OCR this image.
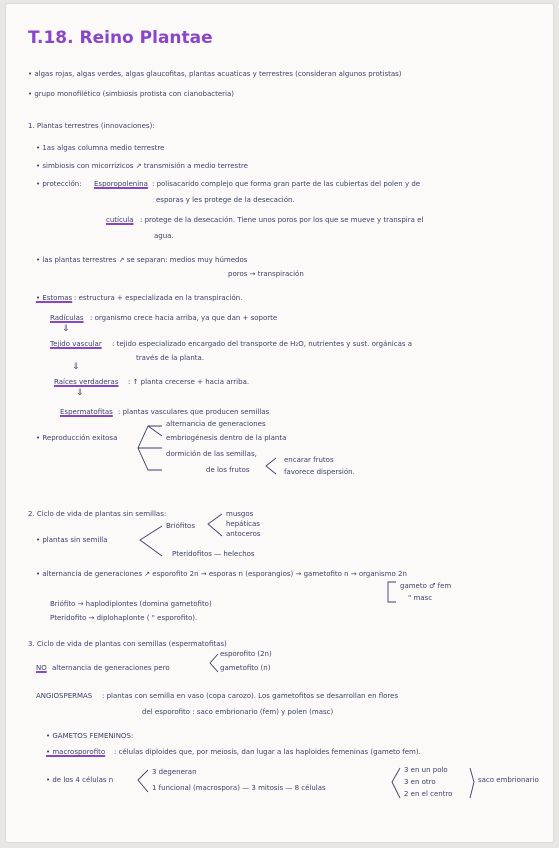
T.18. Reino Plantae
• algas rojas, algas verdes, algas glaucofitas, plantas acuaticas y terrestres (consideran algunos protistas)
• grupo monofilético (simbiosis protista con cianobacteria)
1. Plantas terrestres (innovaciones):
• 1as algas columna medio terrestre
• simbiosis con micorrizicos ↗ transmisión a medio terrestre
• protección: Esporopolenina : polisacarido complejo que forma gran parte de las cubiertas del polen y de
esporas y les protege de la desecación.
cutícula : protege de la desecación. Tiene unos poros por los que se mueve y transpira el
agua.
• las plantas terrestres ↗ se separan: medios muy húmedos
poros → transpiración
• Estomas : estructura + especializada en la transpiración.
Radículas : organismo crece hacia arriba, ya que dan + soporte
⇓
Tejido vascular : tejido especializado encargado del transporte de H₂O, nutrientes y sust. orgánicas a
través de la planta.
⇓
Raíces verdaderas : ↑ planta crecerse + hacia arriba.
⇓
Espermatofitas : plantas vasculares que producen semillas
• Reproducción exitosa
alternancia de generaciones
embriogénesis dentro de la planta
dormición de las semillas,
de los frutos
encarar frutos
favorece dispersión.
2. Ciclo de vida de plantas sin semillas:
• plantas sin semilla
Briófitos
musgos
hepáticas
antoceros
Pteridofitos — helechos
• alternancia de generaciones ↗ esporofito 2n → esporas n (esporangios) → gametofito n → organismo 2n
gameto ♂ fem
" masc
Briófito → haplodiplontes (domina gametofito)
Pteridofito → diplohaplonte ( " esporofito).
3. Ciclo de vida de plantas con semillas (espermatofitas)
NO alternancia de generaciones pero
esporofito (2n)
gametofito (n)
ANGIOSPERMAS : plantas con semilla en vaso (copa carozo). Los gametofitos se desarrollan en flores
del esporofito : saco embrionario (fem) y polen (masc)
• GAMETOS FEMENINOS:
• macrosporofito : células diploides que, por meiosis, dan lugar a las haploides femeninas (gameto fem).
• de los 4 células n
3 degeneran
1 funcional (macrospora) — 3 mitosis — 8 células
3 en un polo
3 en otro
2 en el centro
saco embrionario
